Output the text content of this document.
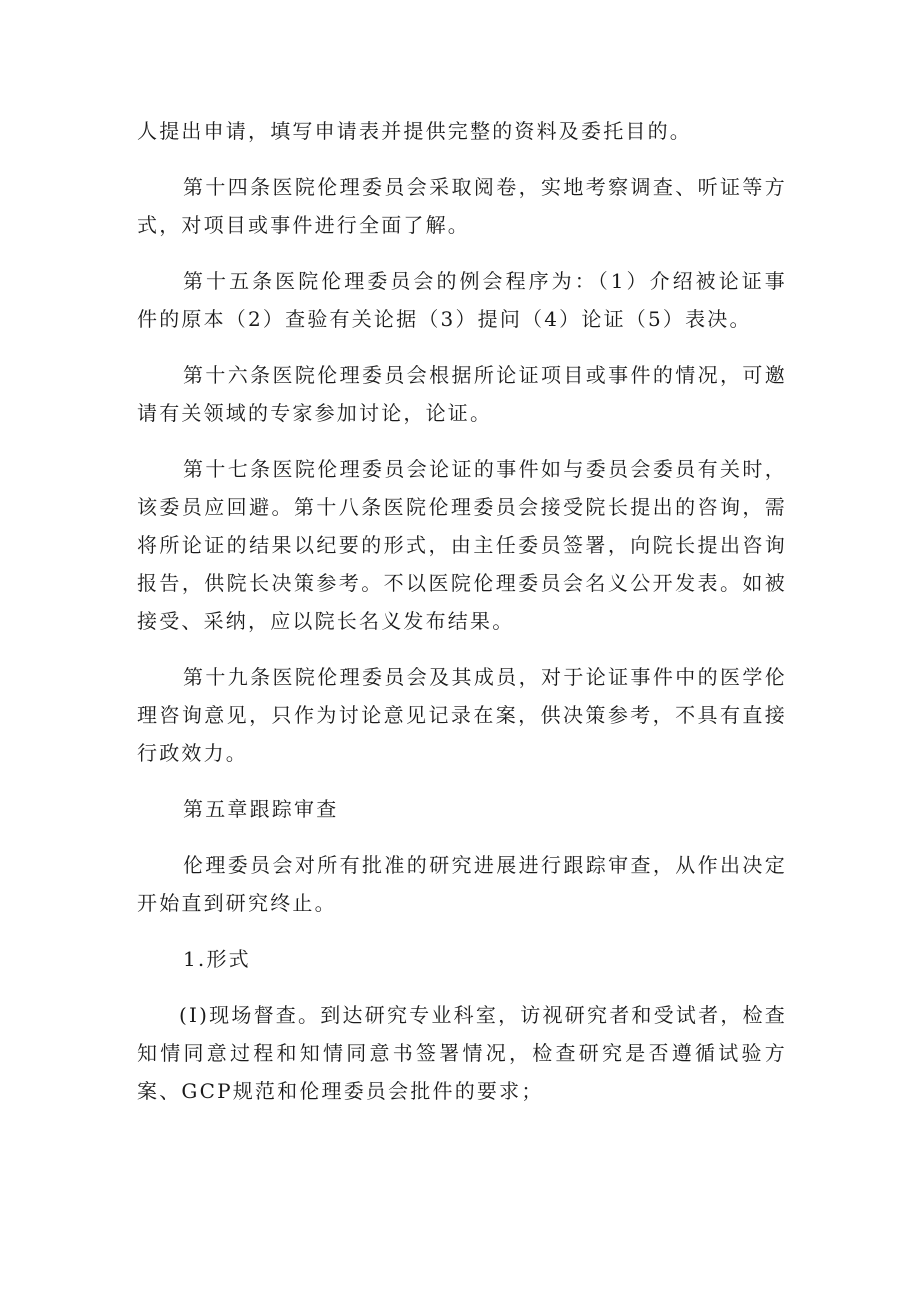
人提出申请，填写申请表并提供完整的资料及委托目的。

第十四条医院伦理委员会采取阅卷，实地考察调查、听证等方式，对项目或事件进行全面了解。

第十五条医院伦理委员会的例会程序为：（1）介绍被论证事件的原本（2）查验有关论据（3）提问（4）论证（5）表决。

第十六条医院伦理委员会根据所论证项目或事件的情况，可邀请有关领域的专家参加讨论，论证。

第十七条医院伦理委员会论证的事件如与委员会委员有关时，该委员应回避。第十八条医院伦理委员会接受院长提出的咨询，需将所论证的结果以纪要的形式，由主任委员签署，向院长提出咨询报告，供院长决策参考。不以医院伦理委员会名义公开发表。如被接受、采纳，应以院长名义发布结果。

第十九条医院伦理委员会及其成员，对于论证事件中的医学伦理咨询意见，只作为讨论意见记录在案，供决策参考，不具有直接行政效力。

第五章跟踪审查

伦理委员会对所有批准的研究进展进行跟踪审查，从作出决定开始直到研究终止。

1.形式

(I)现场督查。到达研究专业科室，访视研究者和受试者，检查知情同意过程和知情同意书签署情况，检查研究是否遵循试验方案、GCP规范和伦理委员会批件的要求；
